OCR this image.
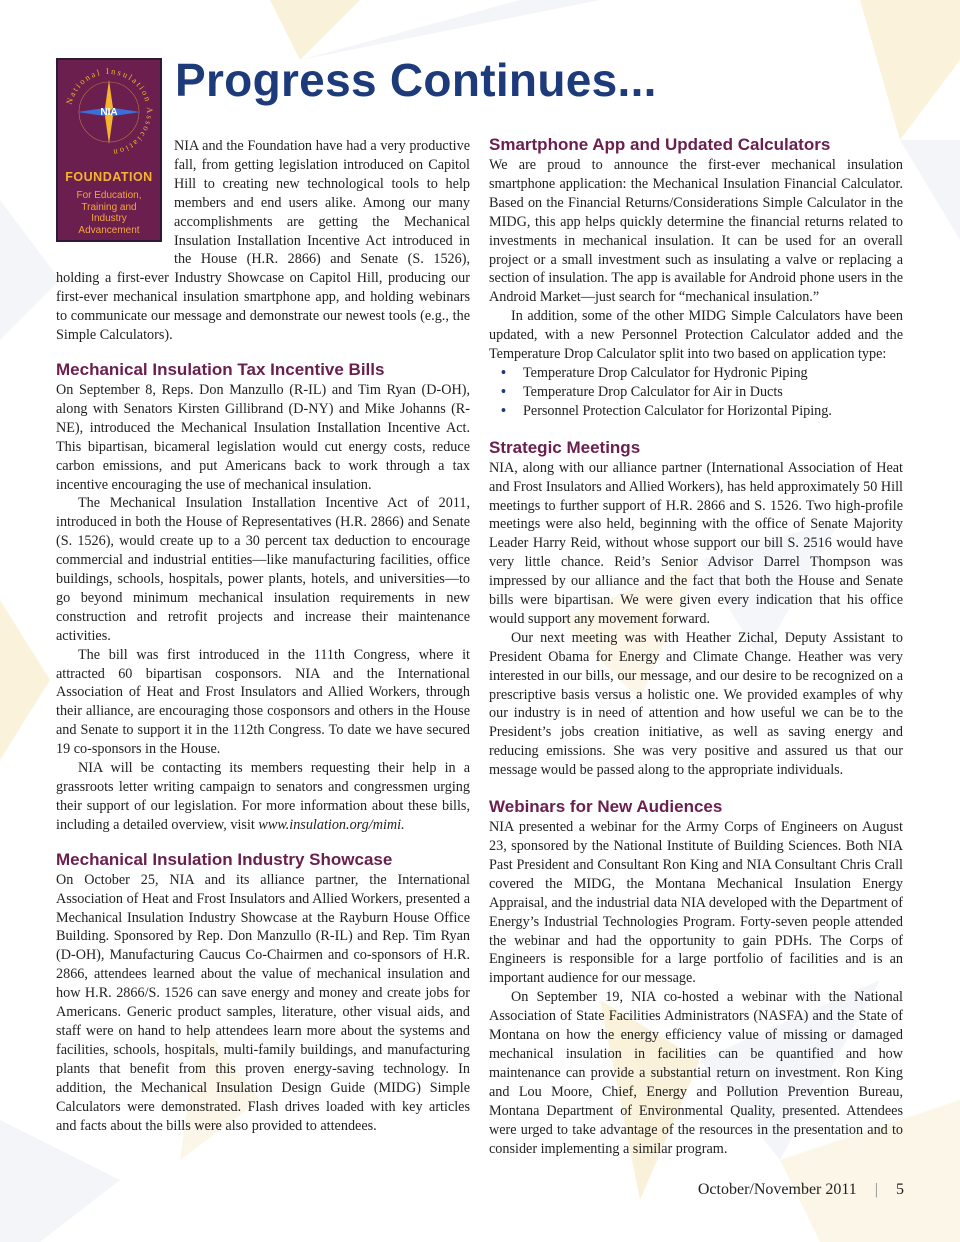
National Insulation Association
NIA
FOUNDATION
For Education, Training and Industry Advancement
Progress Continues...

NIA and the Foundation have had a very productive fall, from getting legislation introduced on Capitol Hill to creating new technological tools to help members and end users alike. Among our many accomplishments are getting the Mechanical Insulation Installation Incentive Act introduced in the House (H.R. 2866) and Senate (S. 1526), holding a first-ever Industry Showcase on Capitol Hill, producing our first-ever mechanical insulation smartphone app, and holding webinars to communicate our message and demonstrate our newest tools (e.g., the Simple Calculators).

Mechanical Insulation Tax Incentive Bills

On September 8, Reps. Don Manzullo (R-IL) and Tim Ryan (D-OH), along with Senators Kirsten Gillibrand (D-NY) and Mike Johanns (R-NE), introduced the Mechanical Insulation Installation Incentive Act. This bipartisan, bicameral legislation would cut energy costs, reduce carbon emissions, and put Americans back to work through a tax incentive encouraging the use of mechanical insulation.

The Mechanical Insulation Installation Incentive Act of 2011, introduced in both the House of Representatives (H.R. 2866) and Senate (S. 1526), would create up to a 30 percent tax deduction to encourage commercial and industrial entities—like manufacturing facilities, office buildings, schools, hospitals, power plants, hotels, and universities—to go beyond minimum mechanical insulation requirements in new construction and retrofit projects and increase their maintenance activities.

The bill was first introduced in the 111th Congress, where it attracted 60 bipartisan cosponsors. NIA and the International Association of Heat and Frost Insulators and Allied Workers, through their alliance, are encouraging those cosponsors and others in the House and Senate to support it in the 112th Congress. To date we have secured 19 co-sponsors in the House.

NIA will be contacting its members requesting their help in a grassroots letter writing campaign to senators and congressmen urging their support of our legislation. For more information about these bills, including a detailed overview, visit www.insulation.org/mimi.

Mechanical Insulation Industry Showcase

On October 25, NIA and its alliance partner, the International Association of Heat and Frost Insulators and Allied Workers, presented a Mechanical Insulation Industry Showcase at the Rayburn House Office Building. Sponsored by Rep. Don Manzullo (R-IL) and Rep. Tim Ryan (D-OH), Manufacturing Caucus Co-Chairmen and co-sponsors of H.R. 2866, attendees learned about the value of mechanical insulation and how H.R. 2866/S. 1526 can save energy and money and create jobs for Americans. Generic product samples, literature, other visual aids, and staff were on hand to help attendees learn more about the systems and facilities, schools, hospitals, multi-family buildings, and manufacturing plants that benefit from this proven energy-saving technology. In addition, the Mechanical Insulation Design Guide (MIDG) Simple Calculators were demonstrated. Flash drives loaded with key articles and facts about the bills were also provided to attendees.

Smartphone App and Updated Calculators

We are proud to announce the first-ever mechanical insulation smartphone application: the Mechanical Insulation Financial Calculator. Based on the Financial Returns/Considerations Simple Calculator in the MIDG, this app helps quickly determine the financial returns related to investments in mechanical insulation. It can be used for an overall project or a small investment such as insulating a valve or replacing a section of insulation. The app is available for Android phone users in the Android Market—just search for “mechanical insulation.”

In addition, some of the other MIDG Simple Calculators have been updated, with a new Personnel Protection Calculator added and the Temperature Drop Calculator split into two based on application type:

• Temperature Drop Calculator for Hydronic Piping
• Temperature Drop Calculator for Air in Ducts
• Personnel Protection Calculator for Horizontal Piping.
Strategic Meetings

NIA, along with our alliance partner (International Association of Heat and Frost Insulators and Allied Workers), has held approximately 50 Hill meetings to further support of H.R. 2866 and S. 1526. Two high-profile meetings were also held, beginning with the office of Senate Majority Leader Harry Reid, without whose support our bill S. 2516 would have very little chance. Reid’s Senior Advisor Darrel Thompson was impressed by our alliance and the fact that both the House and Senate bills were bipartisan. We were given every indication that his office would support any movement forward.

Our next meeting was with Heather Zichal, Deputy Assistant to President Obama for Energy and Climate Change. Heather was very interested in our bills, our message, and our desire to be recognized on a prescriptive basis versus a holistic one. We provided examples of why our industry is in need of attention and how useful we can be to the President’s jobs creation initiative, as well as saving energy and reducing emissions. She was very positive and assured us that our message would be passed along to the appropriate individuals.

Webinars for New Audiences

NIA presented a webinar for the Army Corps of Engineers on August 23, sponsored by the National Institute of Building Sciences. Both NIA Past President and Consultant Ron King and NIA Consultant Chris Crall covered the MIDG, the Montana Mechanical Insulation Energy Appraisal, and the industrial data NIA developed with the Department of Energy’s Industrial Technologies Program. Forty-seven people attended the webinar and had the opportunity to gain PDHs. The Corps of Engineers is responsible for a large portfolio of facilities and is an important audience for our message.

On September 19, NIA co-hosted a webinar with the National Association of State Facilities Administrators (NASFA) and the State of Montana on how the energy efficiency value of missing or damaged mechanical insulation in facilities can be quantified and how maintenance can provide a substantial return on investment. Ron King and Lou Moore, Chief, Energy and Pollution Prevention Bureau, Montana Department of Environmental Quality, presented. Attendees were urged to take advantage of the resources in the presentation and to consider implementing a similar program.

October/November 2011 | 5
